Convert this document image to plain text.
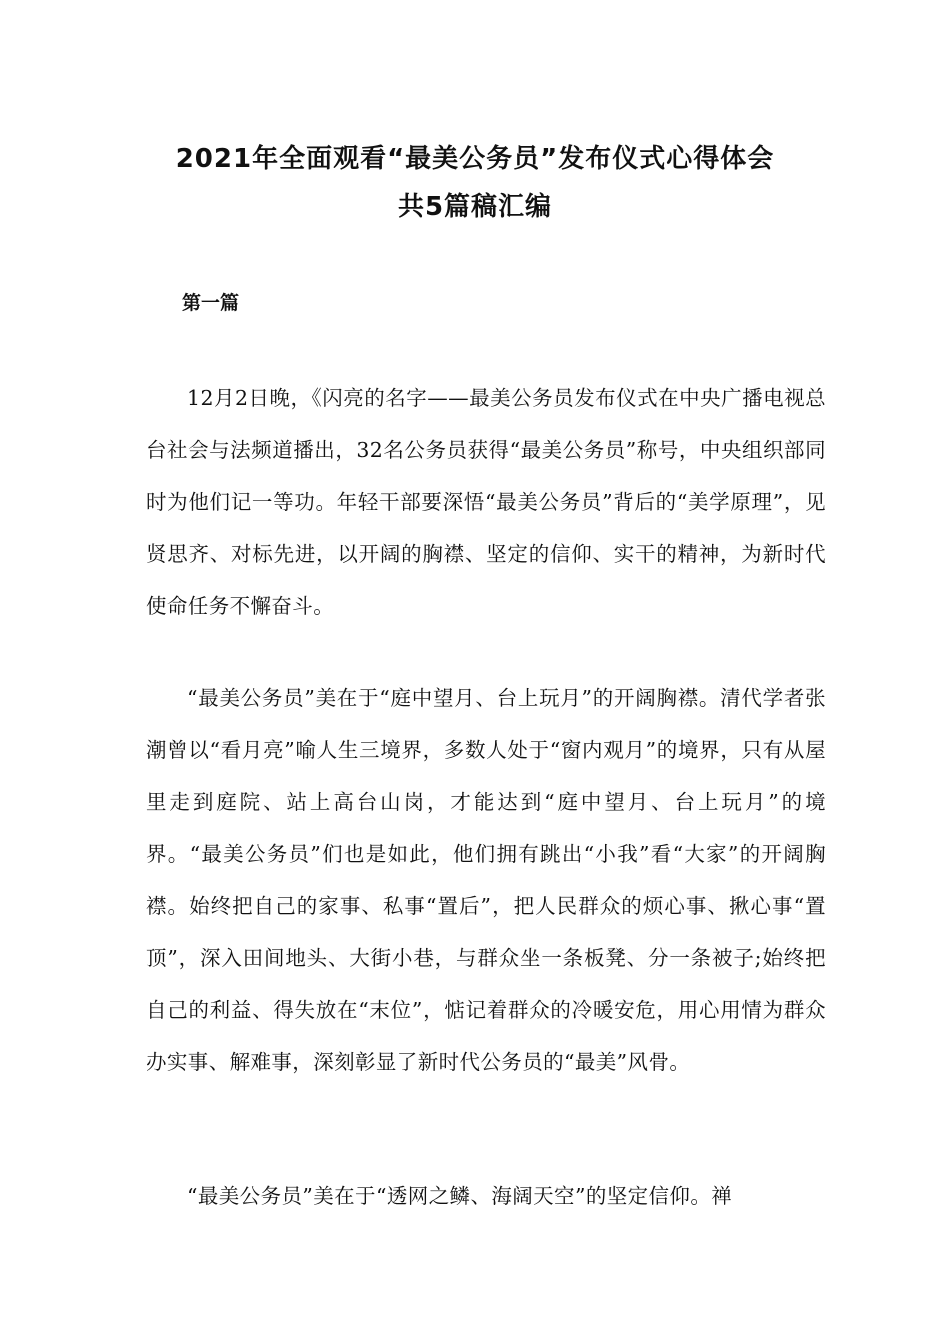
2021年全面观看“最美公务员”发布仪式心得体会
共5篇稿汇编
第一篇

12月2日晚，《闪亮的名字——最美公务员发布仪式在中央广播电视总台社会与法频道播出，32名公务员获得“最美公务员”称号，中央组织部同时为他们记一等功。年轻干部要深悟“最美公务员”背后的“美学原理”，见贤思齐、对标先进，以开阔的胸襟、坚定的信仰、实干的精神，为新时代使命任务不懈奋斗。

“最美公务员”美在于“庭中望月、台上玩月”的开阔胸襟。清代学者张潮曾以“看月亮”喻人生三境界，多数人处于“窗内观月”的境界，只有从屋里走到庭院、站上高台山岗，才能达到“庭中望月、台上玩月”的境界。“最美公务员”们也是如此，他们拥有跳出“小我”看“大家”的开阔胸襟。始终把自己的家事、私事“置后”，把人民群众的烦心事、揪心事“置顶”，深入田间地头、大街小巷，与群众坐一条板凳、分一条被子;始终把自己的利益、得失放在“末位”，惦记着群众的冷暖安危，用心用情为群众办实事、解难事，深刻彰显了新时代公务员的“最美”风骨。

“最美公务员”美在于“透网之鳞、海阔天空”的坚定信仰。禅
